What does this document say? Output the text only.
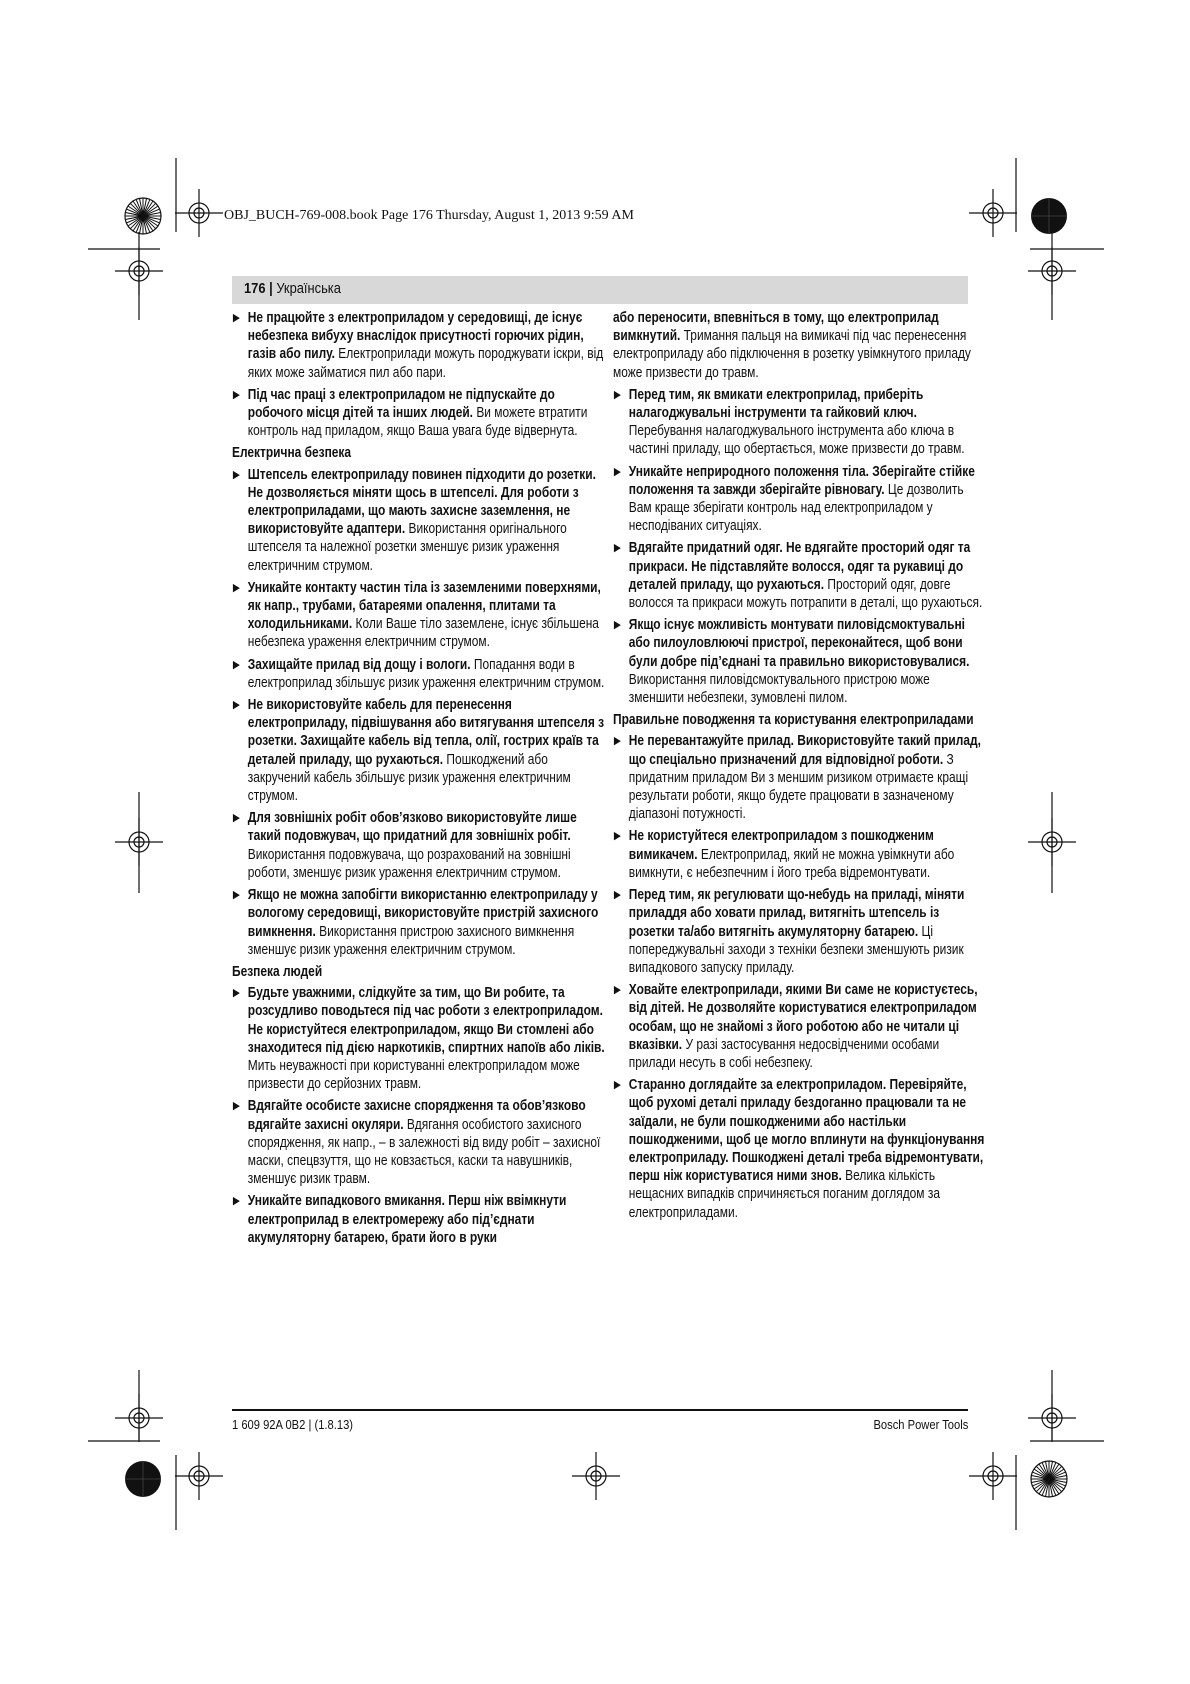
OBJ_BUCH-769-008.book Page 176 Thursday, August 1, 2013 9:59 AM
176 | Українська
▶ Не працюйте з електроприладом у середовищі, де існує небезпека вибуху внаслідок присутності горючих рідин, газів або пилу. Електроприлади можуть породжувати іскри, від яких може займатися пил або пари.
▶ Під час праці з електроприладом не підпускайте до робочого місця дітей та інших людей. Ви можете втратити контроль над приладом, якщо Ваша увага буде відвернута.
Електрична безпека
▶ Штепсель електроприладу повинен підходити до розетки. Не дозволяється міняти щось в штепселі. Для роботи з електроприладами, що мають захисне заземлення, не використовуйте адаптери. Використання оригінального штепселя та належної розетки зменшує ризик ураження електричним струмом.
▶ Уникайте контакту частин тіла із заземленими поверхнями, як напр., трубами, батареями опалення, плитами та холодильниками. Коли Ваше тіло заземлене, існує збільшена небезпека ураження електричним струмом.
▶ Захищайте прилад від дощу і вологи. Попадання води в електроприлад збільшує ризик ураження електричним струмом.
▶ Не використовуйте кабель для перенесення електроприладу, підвішування або витягування штепселя з розетки. Захищайте кабель від тепла, олії, гострих країв та деталей приладу, що рухаються. Пошкоджений або закручений кабель збільшує ризик ураження електричним струмом.
▶ Для зовнішніх робіт обов’язково використовуйте лише такий подовжувач, що придатний для зовнішніх робіт. Використання подовжувача, що розрахований на зовнішні роботи, зменшує ризик ураження електричним струмом.
▶ Якщо не можна запобігти використанню електроприладу у вологому середовищі, використовуйте пристрій захисного вимкнення. Використання пристрою захисного вимкнення зменшує ризик ураження електричним струмом.
Безпека людей
▶ Будьте уважними, слідкуйте за тим, що Ви робите, та розсудливо поводьтеся під час роботи з електроприладом. Не користуйтеся електроприладом, якщо Ви стомлені або знаходитеся під дією наркотиків, спиртних напоїв або ліків. Мить неуважності при користуванні електроприладом може призвести до серйозних травм.
▶ Вдягайте особисте захисне спорядження та обов’язково вдягайте захисні окуляри. Вдягання особистого захисного спорядження, як напр., – в залежності від виду робіт – захисної маски, спецвзуття, що не ковзається, каски та навушників, зменшує ризик травм.
▶ Уникайте випадкового вмикання. Перш ніж ввімкнути електроприлад в електромережу або під’єднати акумуляторну батарею, брати його в руки
або переносити, впевніться в тому, що електроприлад вимкнутий. Тримання пальця на вимикачі під час перенесення електроприладу або підключення в розетку увімкнутого приладу може призвести до травм.
▶ Перед тим, як вмикати електроприлад, приберіть налагоджувальні інструменти та гайковий ключ. Перебування налагоджувального інструмента або ключа в частині приладу, що обертається, може призвести до травм.
▶ Уникайте неприродного положення тіла. Зберігайте стійке положення та завжди зберігайте рівновагу. Це дозволить Вам краще зберігати контроль над електроприладом у несподіваних ситуаціях.
▶ Вдягайте придатний одяг. Не вдягайте просторий одяг та прикраси. Не підставляйте волосся, одяг та рукавиці до деталей приладу, що рухаються. Просторий одяг, довге волосся та прикраси можуть потрапити в деталі, що рухаються.
▶ Якщо існує можливість монтувати пиловідсмоктувальні або пилоуловлюючі пристрої, переконайтеся, щоб вони були добре під’єднані та правильно використовувалися. Використання пиловідсмоктувального пристрою може зменшити небезпеки, зумовлені пилом.
Правильне поводження та користування електроприладами
▶ Не перевантажуйте прилад. Використовуйте такий прилад, що спеціально призначений для відповідної роботи. З придатним приладом Ви з меншим ризиком отримаєте кращі результати роботи, якщо будете працювати в зазначеному діапазоні потужності.
▶ Не користуйтеся електроприладом з пошкодженим вимикачем. Електроприлад, який не можна увімкнути або вимкнути, є небезпечним і його треба відремонтувати.
▶ Перед тим, як регулювати що-небудь на приладі, міняти приладдя або ховати прилад, витягніть штепсель із розетки та/або витягніть акумуляторну батарею. Ці попереджувальні заходи з техніки безпеки зменшують ризик випадкового запуску приладу.
▶ Ховайте електроприлади, якими Ви саме не користуєтесь, від дітей. Не дозволяйте користуватися електроприладом особам, що не знайомі з його роботою або не читали ці вказівки. У разі застосування недосвідченими особами прилади несуть в собі небезпеку.
▶ Старанно доглядайте за електроприладом. Перевіряйте, щоб рухомі деталі приладу бездоганно працювали та не заїдали, не були пошкодженими або настільки пошкодженими, щоб це могло вплинути на функціонування електроприладу. Пошкоджені деталі треба відремонтувати, перш ніж користуватися ними знов. Велика кількість нещасних випадків спричиняється поганим доглядом за електроприладами.
1 609 92A 0B2 | (1.8.13)	Bosch Power Tools
